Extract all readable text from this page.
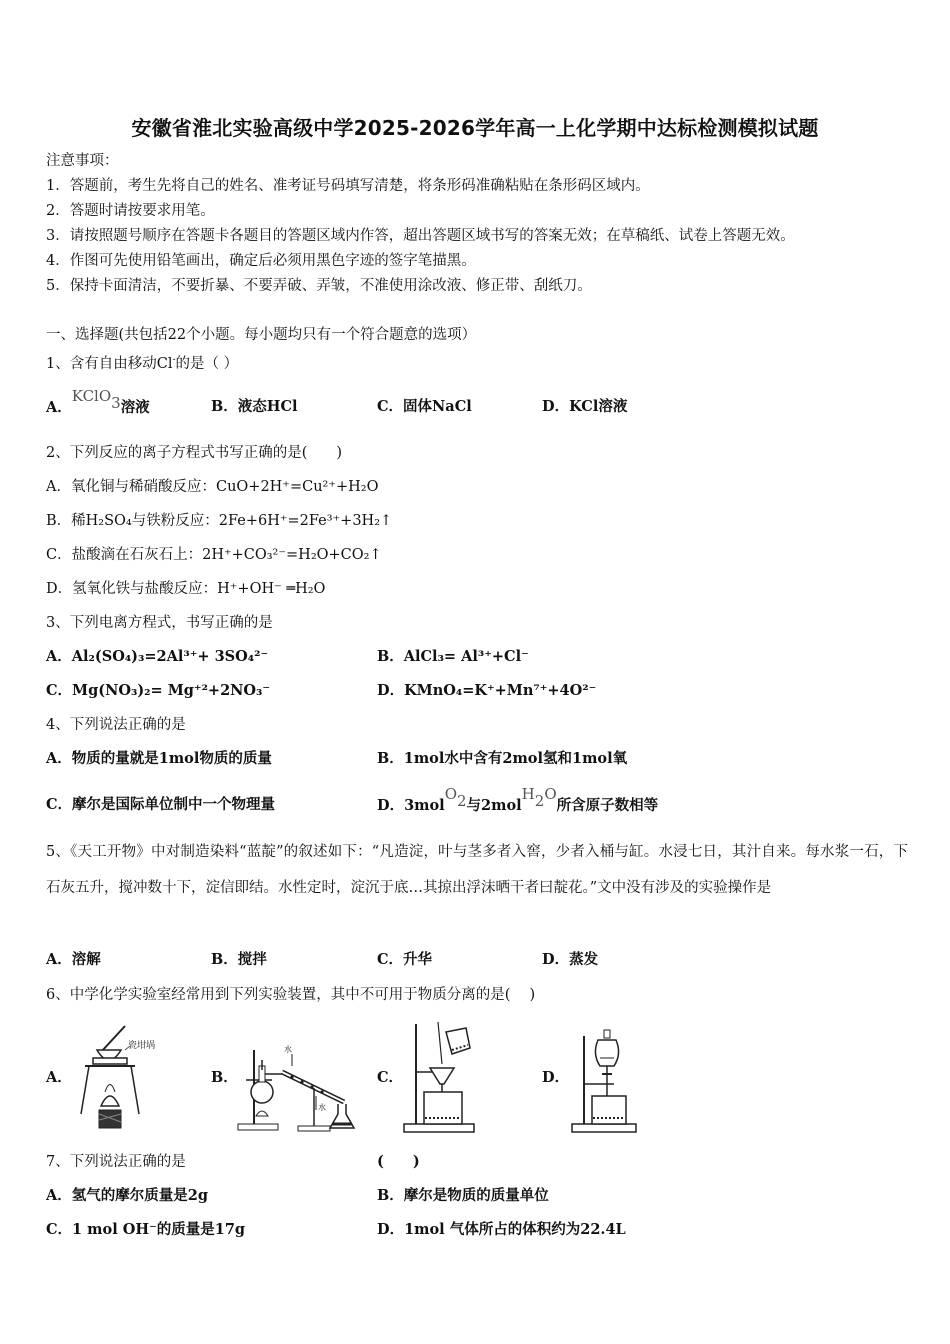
安徽省淮北实验高级中学2025-2026学年高一上化学期中达标检测模拟试题
注意事项：
1．答题前，考生先将自己的姓名、准考证号码填写清楚，将条形码准确粘贴在条形码区域内。
2．答题时请按要求用笔。
3．请按照题号顺序在答题卡各题目的答题区域内作答，超出答题区域书写的答案无效；在草稿纸、试卷上答题无效。
4．作图可先使用铅笔画出，确定后必须用黑色字迹的签字笔描黑。
5．保持卡面清洁，不要折暴、不要弄破、弄皱，不准使用涂改液、修正带、刮纸刀。
一、选择题(共包括22个小题。每小题均只有一个符合题意的选项）
1、含有自由移动Cl-的是（ ）
A．KClO$_3$溶液	B．液态HCl	C．固体NaCl	D．KCl溶液
2、下列反应的离子方程式书写正确的是(　　)
A．氧化铜与稀硝酸反应：CuO+2H⁺=Cu²⁺+H₂O
B．稀H₂SO₄与铁粉反应：2Fe+6H⁺=2Fe³⁺+3H₂↑
C．盐酸滴在石灰石上：2H⁺+CO₃²⁻=H₂O+CO₂↑
D．氢氧化铁与盐酸反应：H⁺+OH⁻ ═H₂O
3、下列电离方程式，书写正确的是
A．Al₂(SO₄)₃=2Al³⁺+ 3SO₄²⁻	B．AlCl₃= Al³⁺+Cl⁻
C．Mg(NO₃)₂= Mg⁺²+2NO₃⁻	D．KMnO₄=K⁺+Mn⁷⁺+4O²⁻
4、下列说法正确的是
A．物质的量就是1mol物质的质量	B．1mol水中含有2mol氢和1mol氧
C．摩尔是国际单位制中一个物理量	D．3molO$_2$与2molH$_2$O所含原子数相等
5、《天工开物》中对制造染料“蓝靛”的叙述如下：“凡造淀，叶与茎多者入窖，少者入桶与缸。水浸七日，其汁自来。每水浆一石，下石灰五升，搅冲数十下，淀信即结。水性定时，淀沉于底…其掠出浮沫晒干者曰靛花。”文中没有涉及的实验操作是
A．溶解	B．搅拌	C．升华	D．蒸发
6、中学化学实验室经常用到下列实验装置，其中不可用于物质分离的是(　 )
A．	B．	C．	D．
瓷坩埚	水
水
7、下列说法正确的是	(　　)
A．氢气的摩尔质量是2g	B．摩尔是物质的质量单位
C．1 mol OH⁻的质量是17g	D．1mol 气体所占的体积约为22.4L
